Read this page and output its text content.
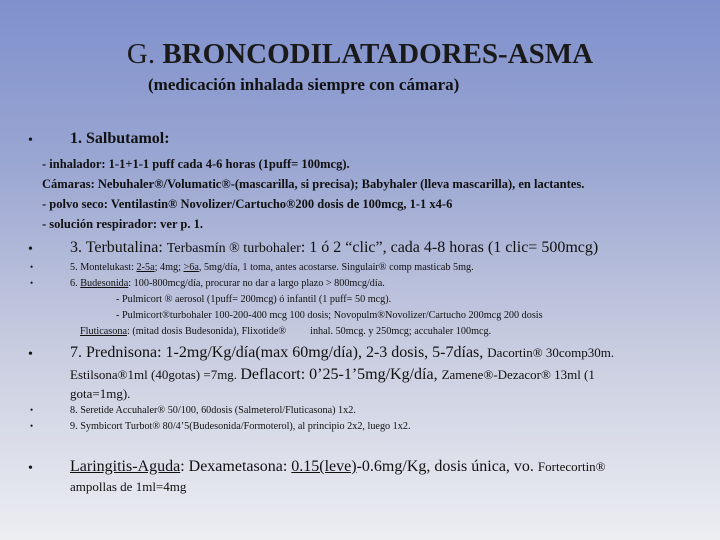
G. BRONCODILATADORES-ASMA
(medicación inhalada siempre con cámara)
• 1. Salbutamol:
- inhalador: 1-1+1-1 puff cada 4-6 horas (1puff= 100mcg).
Cámaras: Nebuhaler®/Volumatic®-(mascarilla, si precisa); Babyhaler (lleva mascarilla), en lactantes.
- polvo seco: Ventilastin® Novolizer/Cartucho®200 dosis de 100mcg, 1-1 x4-6
- solución respirador: ver p. 1.
• 3. Terbutalina: Terbasmín ® turbohaler: 1 ó 2 “clic”, cada 4-8 horas (1 clic= 500mcg)
•	5. Montelukast: 2-5a; 4mg; >6a, 5mg/día, 1 toma, antes acostarse. Singulair® comp masticab 5mg.
•	6. Budesonida: 100-800mcg/día, procurar no dar a largo plazo > 800mcg/día.
- Pulmicort ® aerosol (1puff= 200mcg) ó infantil (1 puff= 50 mcg).
- Pulmicort®turbohaler 100-200-400 mcg 100 dosis; Novopulm®Novolizer/Cartucho 200mcg 200 dosis
Fluticasona: (mitad dosis Budesonida), Flixotide® inhal. 50mcg. y 250mcg; accuhaler 100mcg.
• 7. Prednisona: 1-2mg/Kg/día(max 60mg/día), 2-3 dosis, 5-7días, Dacortin® 30comp30m.
Estilsona®1ml (40gotas) =7mg. Deflacort: 0’25-1’5mg/Kg/día, Zamene®-Dezacor® 13ml (1
gota=1mg).
•	8. Seretide Accuhaler® 50/100, 60dosis (Salmeterol/Fluticasona) 1x2.
•	9. Symbicort Turbot® 80/4’5(Budesonida/Formoterol), al principio 2x2, luego 1x2.
• Laringitis-Aguda: Dexametasona: 0.15(leve)-0.6mg/Kg, dosis única, vo. Fortecortin®
ampollas de 1ml=4mg
